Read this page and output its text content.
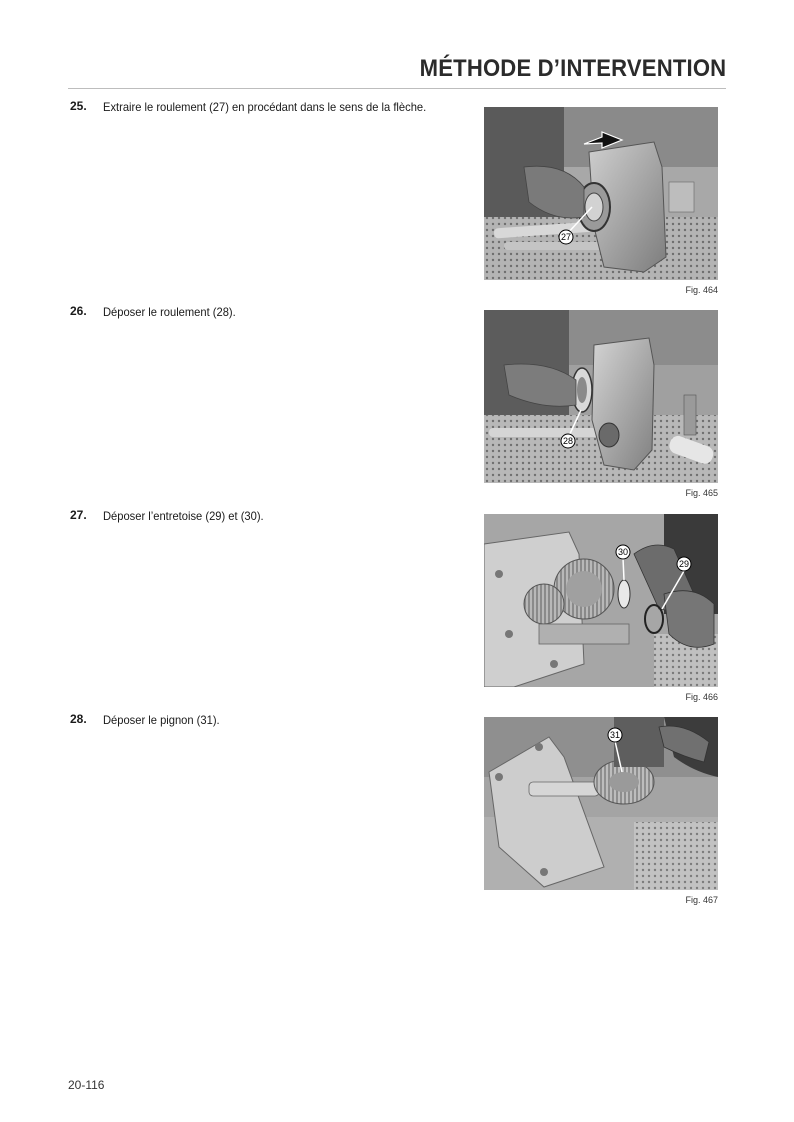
MÉTHODE D’INTERVENTION
25. Extraire le roulement (27) en procédant dans le sens de la flèche.
27
Fig. 464
26. Déposer le roulement (28).
28
Fig. 465
27. Déposer l’entretoise (29) et (30).
30
29
Fig. 466
28. Déposer le pignon (31).
31
Fig. 467
20-116
